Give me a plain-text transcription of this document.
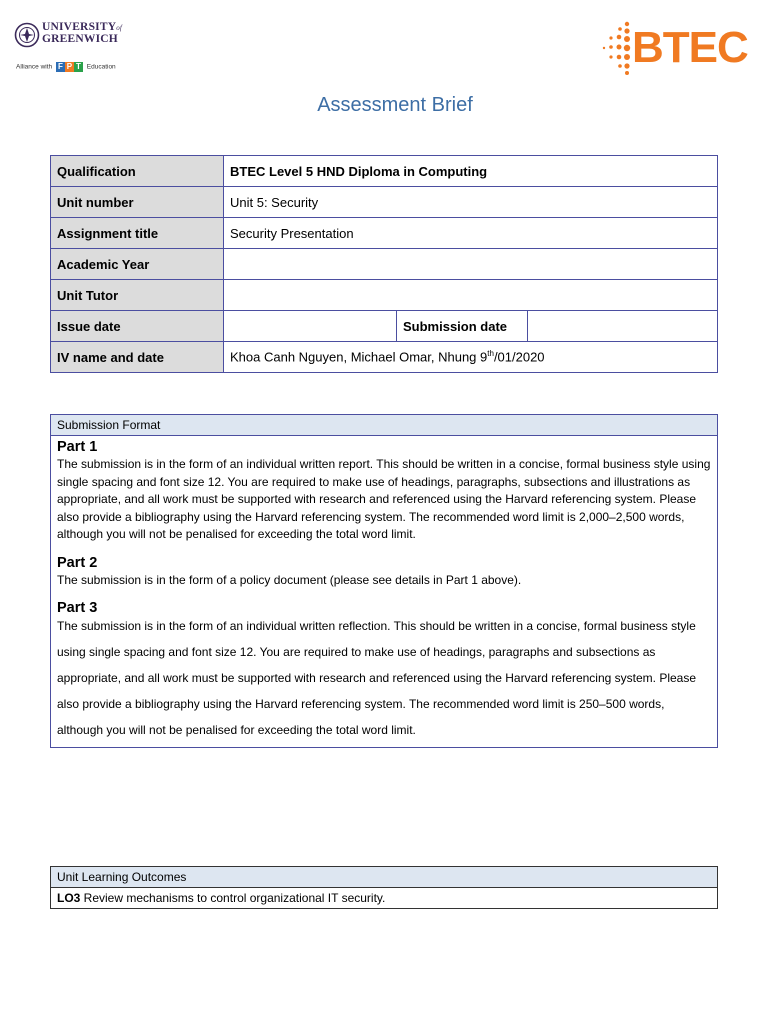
UNIVERSITYof
GREENWICH
Alliance with F P T Education	BTEC
Assessment Brief
Qualification	BTEC Level 5 HND Diploma in Computing		
Unit number	Unit 5: Security		
Assignment title	Security Presentation		
Academic Year			
Unit Tutor			
Issue date		Submission date	
IV name and date	Khoa Canh Nguyen, Michael Omar, Nhung 9th/01/2020		
Submission Format

Part 1
The submission is in the form of an individual written report. This should be written in a concise, formal business style using single spacing and font size 12. You are required to make use of headings, paragraphs, subsections and illustrations as appropriate, and all work must be supported with research and referenced using the Harvard referencing system. Please also provide a bibliography using the Harvard referencing system. The recommended word limit is 2,000–2,500 words, although you will not be penalised for exceeding the total word limit.
Part 2
The submission is in the form of a policy document (please see details in Part 1 above).
Part 3
The submission is in the form of an individual written reflection. This should be written in a concise, formal business style using single spacing and font size 12. You are required to make use of headings, paragraphs and subsections as appropriate, and all work must be supported with research and referenced using the Harvard referencing system. Please also provide a bibliography using the Harvard referencing system. The recommended word limit is 250–500 words, although you will not be penalised for exceeding the total word limit.
Unit Learning Outcomes
LO3 Review mechanisms to control organizational IT security.
